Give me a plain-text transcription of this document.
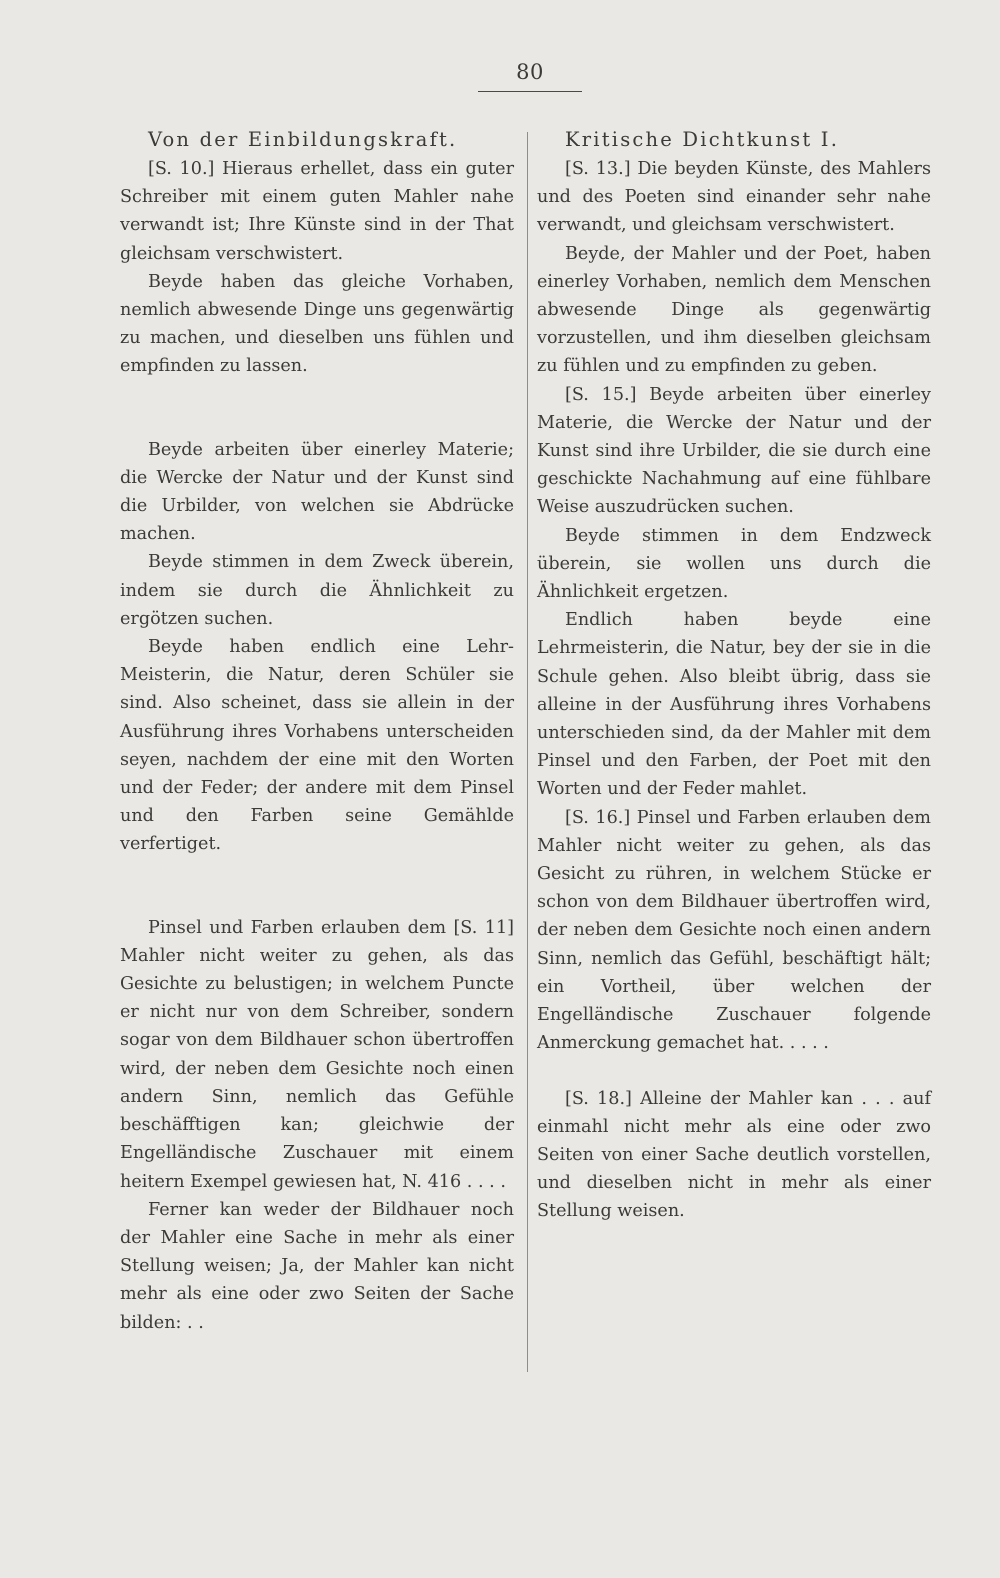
80

Von der Einbildungskraft.

[S. 10.] Hieraus erhellet, dass ein guter Schreiber mit einem guten Mahler nahe verwandt ist; Ihre Künste sind in der That gleichsam verschwistert.

Beyde haben das gleiche Vorhaben, nemlich abwesende Dinge uns gegenwärtig zu machen, und dieselben uns fühlen und empfinden zu lassen.

Beyde arbeiten über einerley Materie; die Wercke der Natur und der Kunst sind die Urbilder, von welchen sie Abdrücke machen.

Beyde stimmen in dem Zweck überein, indem sie durch die Ähnlichkeit zu ergötzen suchen.

Beyde haben endlich eine Lehr-Meisterin, die Natur, deren Schüler sie sind. Also scheinet, dass sie allein in der Ausführung ihres Vorhabens unterscheiden seyen, nachdem der eine mit den Worten und der Feder; der andere mit dem Pinsel und den Farben seine Gemählde verfertiget.

Pinsel und Farben erlauben dem [S. 11] Mahler nicht weiter zu gehen, als das Gesichte zu belustigen; in welchem Puncte er nicht nur von dem Schreiber, sondern sogar von dem Bildhauer schon übertroffen wird, der neben dem Gesichte noch einen andern Sinn, nemlich das Gefühle beschäfftigen kan; gleichwie der Engelländische Zuschauer mit einem heitern Exempel gewiesen hat, N. 416 . . . .

Ferner kan weder der Bildhauer noch der Mahler eine Sache in mehr als einer Stellung weisen; Ja, der Mahler kan nicht mehr als eine oder zwo Seiten der Sache bilden: . .

Kritische Dichtkunst I.

[S. 13.] Die beyden Künste, des Mahlers und des Poeten sind einander sehr nahe verwandt, und gleichsam verschwistert.

Beyde, der Mahler und der Poet, haben einerley Vorhaben, nemlich dem Menschen abwesende Dinge als gegenwärtig vorzustellen, und ihm dieselben gleichsam zu fühlen und zu empfinden zu geben.

[S. 15.] Beyde arbeiten über einerley Materie, die Wercke der Natur und der Kunst sind ihre Urbilder, die sie durch eine geschickte Nachahmung auf eine fühlbare Weise auszudrücken suchen.

Beyde stimmen in dem Endzweck überein, sie wollen uns durch die Ähnlichkeit ergetzen.

Endlich haben beyde eine Lehrmeisterin, die Natur, bey der sie in die Schule gehen. Also bleibt übrig, dass sie alleine in der Ausführung ihres Vorhabens unterschieden sind, da der Mahler mit dem Pinsel und den Farben, der Poet mit den Worten und der Feder mahlet.

[S. 16.] Pinsel und Farben erlauben dem Mahler nicht weiter zu gehen, als das Gesicht zu rühren, in welchem Stücke er schon von dem Bildhauer übertroffen wird, der neben dem Gesichte noch einen andern Sinn, nemlich das Gefühl, beschäftigt hält; ein Vortheil, über welchen der Engelländische Zuschauer folgende Anmerckung gemachet hat. . . . .

[S. 18.] Alleine der Mahler kan . . . auf einmahl nicht mehr als eine oder zwo Seiten von einer Sache deutlich vorstellen, und dieselben nicht in mehr als einer Stellung weisen.
